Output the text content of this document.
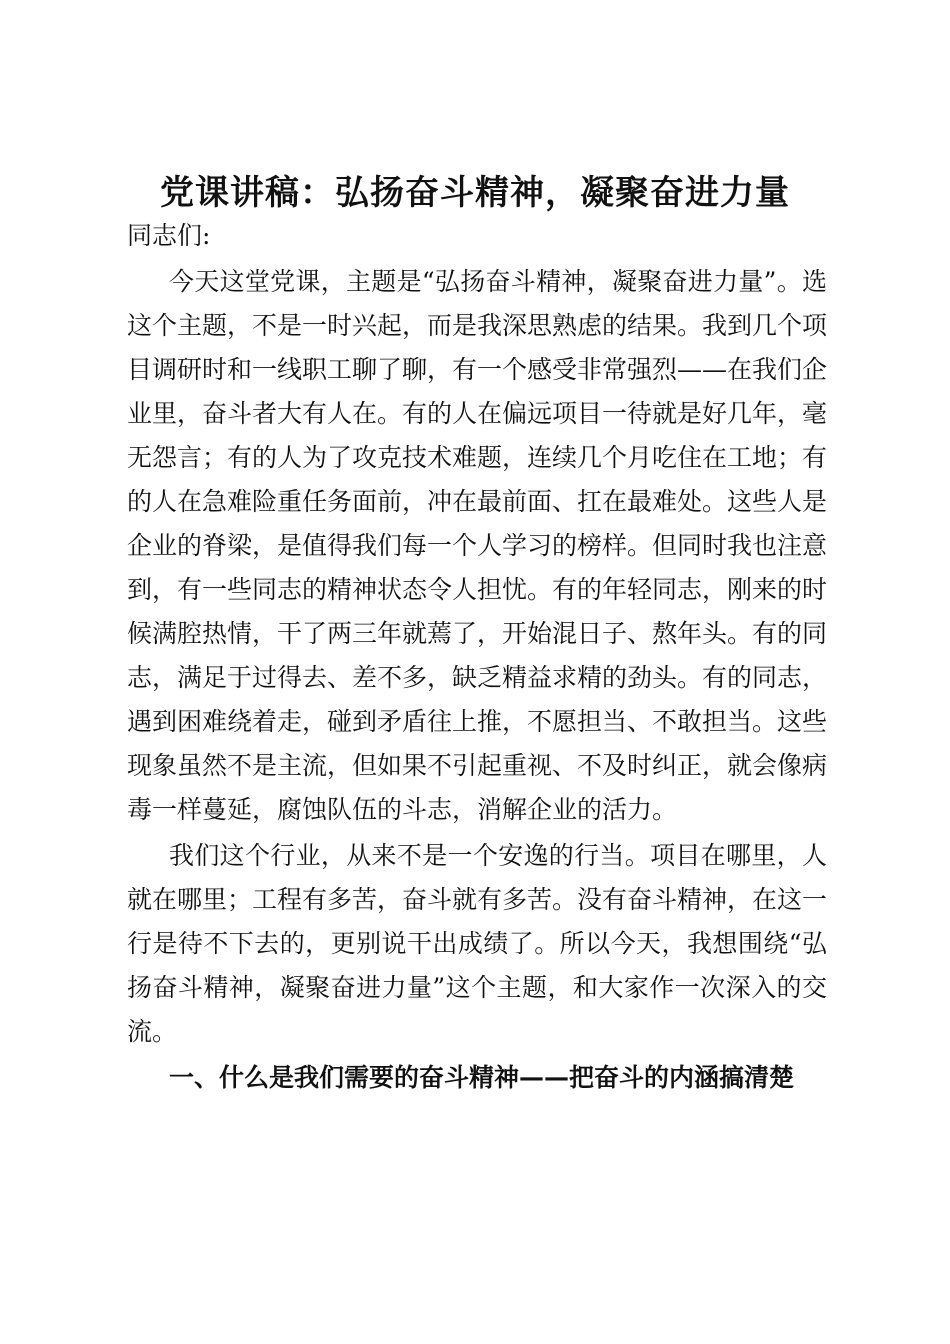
党课讲稿：弘扬奋斗精神，凝聚奋进力量

同志们:

今天这堂党课，主题是“弘扬奋斗精神，凝聚奋进力量”。选这个主题，不是一时兴起，而是我深思熟虑的结果。我到几个项目调研时和一线职工聊了聊，有一个感受非常强烈——在我们企业里，奋斗者大有人在。有的人在偏远项目一待就是好几年，毫无怨言；有的人为了攻克技术难题，连续几个月吃住在工地；有的人在急难险重任务面前，冲在最前面、扛在最难处。这些人是企业的脊梁，是值得我们每一个人学习的榜样。但同时我也注意到，有一些同志的精神状态令人担忧。有的年轻同志，刚来的时候满腔热情，干了两三年就蔫了，开始混日子、熬年头。有的同志，满足于过得去、差不多，缺乏精益求精的劲头。有的同志，遇到困难绕着走，碰到矛盾往上推，不愿担当、不敢担当。这些现象虽然不是主流，但如果不引起重视、不及时纠正，就会像病毒一样蔓延，腐蚀队伍的斗志，消解企业的活力。

我们这个行业，从来不是一个安逸的行当。项目在哪里，人就在哪里；工程有多苦，奋斗就有多苦。没有奋斗精神，在这一行是待不下去的，更别说干出成绩了。所以今天，我想围绕“弘扬奋斗精神，凝聚奋进力量”这个主题，和大家作一次深入的交流。

一、什么是我们需要的奋斗精神——把奋斗的内涵搞清楚
